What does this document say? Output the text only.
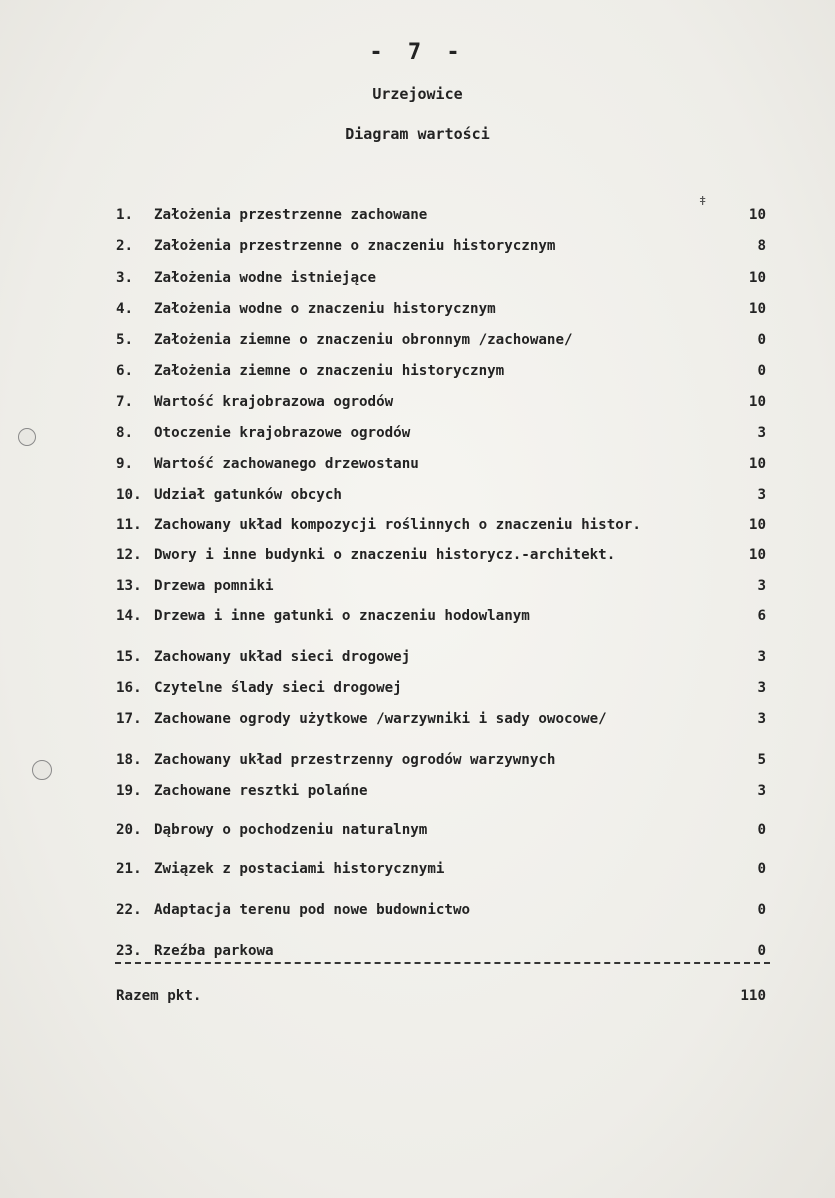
- 7 -
Urzejowice
Diagram wartości
ǂ
1. Założenia przestrzenne zachowane	10
2. Założenia przestrzenne o znaczeniu historycznym	8
3. Założenia wodne istniejące	10
4. Założenia wodne o znaczeniu historycznym	10
5. Założenia ziemne o znaczeniu obronnym /zachowane/	0
6. Założenia ziemne o znaczeniu historycznym	0
7. Wartość krajobrazowa ogrodów	10
8. Otoczenie krajobrazowe ogrodów	3
9. Wartość zachowanego drzewostanu	10
10. Udział gatunków obcych	3
11. Zachowany układ kompozycji roślinnych o znaczeniu histor.	10
12. Dwory i inne budynki o znaczeniu historycz.-architekt.	10
13. Drzewa pomniki	3
14. Drzewa i inne gatunki o znaczeniu hodowlanym	6
15. Zachowany układ sieci drogowej	3
16. Czytelne ślady sieci drogowej	3
17. Zachowane ogrody użytkowe /warzywniki i sady owocowe/	3
18. Zachowany układ przestrzenny ogrodów warzywnych	5
19. Zachowane resztki polańne	3
20. Dąbrowy o pochodzeniu naturalnym	0
21. Związek z postaciami historycznymi	0
22. Adaptacja terenu pod nowe budownictwo	0
23. Rzeźba parkowa	0
Razem pkt.	110
